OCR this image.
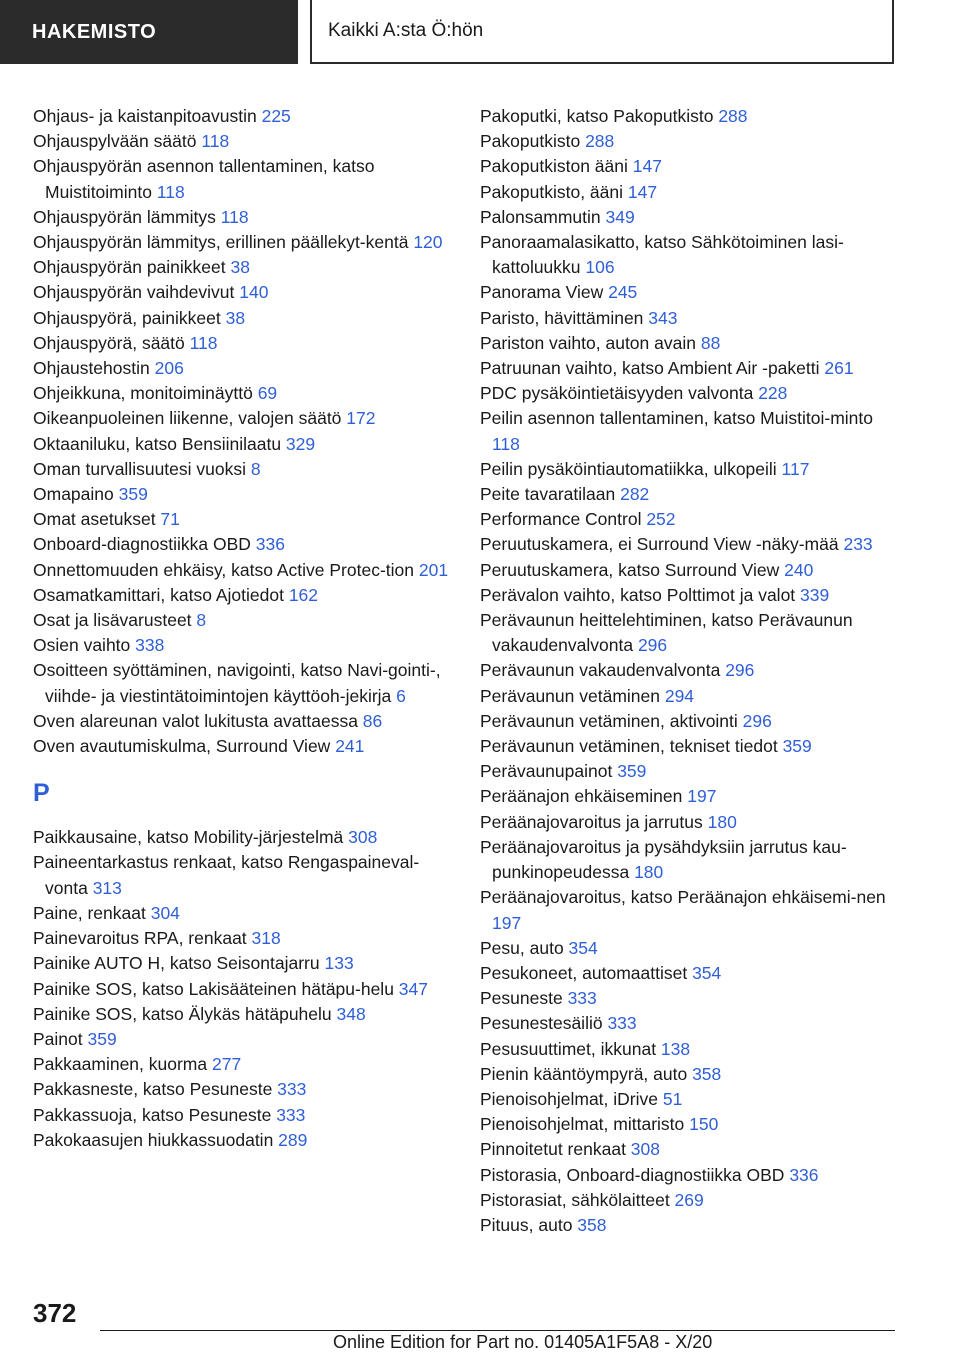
HAKEMISTO	Kaikki A:sta Ö:hön
Ohjaus- ja kaistanpitoavustin 225
Ohjauspylvään säätö 118
Ohjauspyörän asennon tallentaminen, katso Muistitoiminto 118
Ohjauspyörän lämmitys 118
Ohjauspyörän lämmitys, erillinen päällekyt-kentä 120
Ohjauspyörän painikkeet 38
Ohjauspyörän vaihdevivut 140
Ohjauspyörä, painikkeet 38
Ohjauspyörä, säätö 118
Ohjaustehostin 206
Ohjeikkuna, monitoiminäyttö 69
Oikeanpuoleinen liikenne, valojen säätö 172
Oktaaniluku, katso Bensiinilaatu 329
Oman turvallisuutesi vuoksi 8
Omapaino 359
Omat asetukset 71
Onboard-diagnostiikka OBD 336
Onnettomuuden ehkäisy, katso Active Protec-tion 201
Osamatkamittari, katso Ajotiedot 162
Osat ja lisävarusteet 8
Osien vaihto 338
Osoitteen syöttäminen, navigointi, katso Navi-gointi-, viihde- ja viestintätoimintojen käyttöoh-jekirja 6
Oven alareunan valot lukitusta avattaessa 86
Oven avautumiskulma, Surround View 241
P
Paikkausaine, katso Mobility-järjestelmä 308
Paineentarkastus renkaat, katso Rengaspaineval-vonta 313
Paine, renkaat 304
Painevaroitus RPA, renkaat 318
Painike AUTO H, katso Seisontajarru 133
Painike SOS, katso Lakisääteinen hätäpu-helu 347
Painike SOS, katso Älykäs hätäpuhelu 348
Painot 359
Pakkaaminen, kuorma 277
Pakkasneste, katso Pesuneste 333
Pakkassuoja, katso Pesuneste 333
Pakokaasujen hiukkassuodatin 289
Pakoputki, katso Pakoputkisto 288
Pakoputkisto 288
Pakoputkiston ääni 147
Pakoputkisto, ääni 147
Palonsammutin 349
Panoraamalasikatto, katso Sähkötoiminen lasi-kattoluukku 106
Panorama View 245
Paristo, hävittäminen 343
Pariston vaihto, auton avain 88
Patruunan vaihto, katso Ambient Air -paketti 261
PDC pysäköintietäisyyden valvonta 228
Peilin asennon tallentaminen, katso Muistitoi-minto 118
Peilin pysäköintiautomatiikka, ulkopeili 117
Peite tavaratilaan 282
Performance Control 252
Peruutuskamera, ei Surround View -näky-mää 233
Peruutuskamera, katso Surround View 240
Perävalon vaihto, katso Polttimot ja valot 339
Perävaunun heittelehtiminen, katso Perävaunun vakaudenvalvonta 296
Perävaunun vakaudenvalvonta 296
Perävaunun vetäminen 294
Perävaunun vetäminen, aktivointi 296
Perävaunun vetäminen, tekniset tiedot 359
Perävaunupainot 359
Peräänajon ehkäiseminen 197
Peräänajovaroitus ja jarrutus 180
Peräänajovaroitus ja pysähdyksiin jarrutus kau-punkinopeudessa 180
Peräänajovaroitus, katso Peräänajon ehkäisemi-nen 197
Pesu, auto 354
Pesukoneet, automaattiset 354
Pesuneste 333
Pesunestesäiliö 333
Pesusuuttimet, ikkunat 138
Pienin kääntöympyrä, auto 358
Pienoisohjelmat, iDrive 51
Pienoisohjelmat, mittaristo 150
Pinnoitetut renkaat 308
Pistorasia, Onboard-diagnostiikka OBD 336
Pistorasiat, sähkölaitteet 269
Pituus, auto 358
372
Online Edition for Part no. 01405A1F5A8 - X/20
